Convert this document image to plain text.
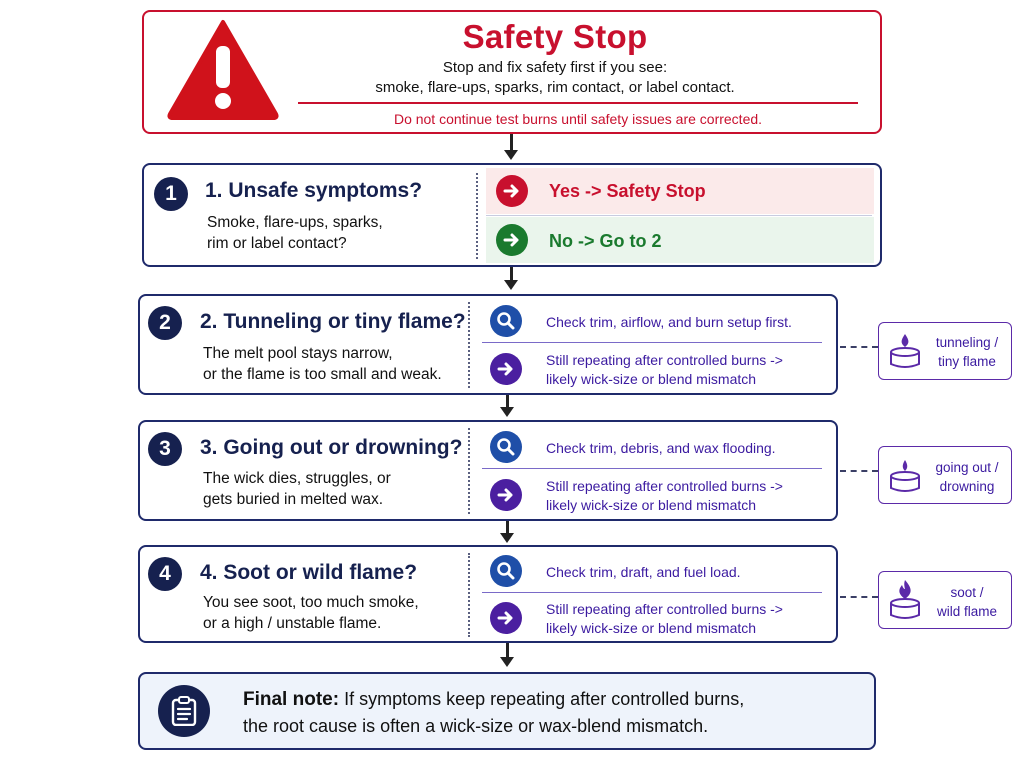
Safety Stop
Stop and fix safety first if you see:
smoke, flare-ups, sparks, rim contact, or label contact.
Do not continue test burns until safety issues are corrected.
1	1. Unsafe symptoms?
Smoke, flare-ups, sparks,
rim or label contact?
Yes -> Safety Stop
No -> Go to 2
2	2. Tunneling or tiny flame?
The melt pool stays narrow,
or the flame is too small and weak.
Check trim, airflow, and burn setup first.
Still repeating after controlled burns ->
likely wick-size or blend mismatch
tunneling /
tiny flame
3	3. Going out or drowning?
The wick dies, struggles, or
gets buried in melted wax.
Check trim, debris, and wax flooding.
Still repeating after controlled burns ->
likely wick-size or blend mismatch
going out /
drowning
4	4. Soot or wild flame?
You see soot, too much smoke,
or a high / unstable flame.
Check trim, draft, and fuel load.
Still repeating after controlled burns ->
likely wick-size or blend mismatch
soot /
wild flame
Final note: If symptoms keep repeating after controlled burns,
the root cause is often a wick-size or wax-blend mismatch.
